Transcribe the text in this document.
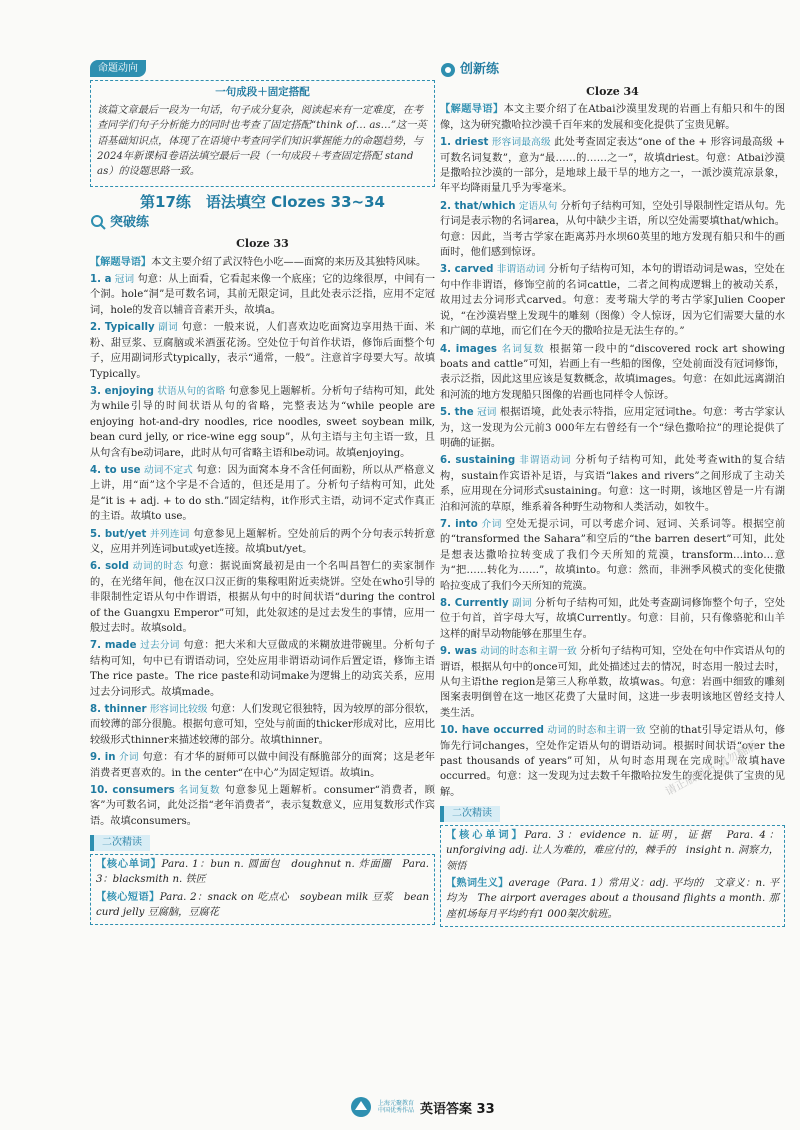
命题动向
一句成段＋固定搭配

该篇文章最后一段为一句话，句子成分复杂，阅读起来有一定难度，在考查同学们句子分析能力的同时也考查了固定搭配“think of… as…”这一英语基础知识点，体现了在语境中考查同学们知识掌握能力的命题趋势，与2024年新课标Ⅰ卷语法填空最后一段（一句成段＋考查固定搭配 stand as）的设题思路一致。

第17练　语法填空 Clozes 33~34
突破练
Cloze 33

【解题导语】本文主要介绍了武汉特色小吃——面窝的来历及其独特风味。

1. a 冠词 句意：从上面看，它看起来像一个底座；它的边缘很厚，中间有一个洞。hole“洞”是可数名词，其前无限定词，且此处表示泛指，应用不定冠词，hole的发音以辅音音素开头，故填a。

2. Typically 副词 句意：一般来说，人们喜欢边吃面窝边享用热干面、米粉、甜豆浆、豆腐脑或米酒蛋花汤。空处位于句首作状语，修饰后面整个句子，应用副词形式typically，表示“通常，一般”。注意首字母要大写。故填Typically。

3. enjoying 状语从句的省略 句意参见上题解析。分析句子结构可知，此处为while引导的时间状语从句的省略，完整表达为“while people are enjoying hot-and-dry noodles, rice noodles, sweet soybean milk, bean curd jelly, or rice-wine egg soup”，从句主语与主句主语一致，且从句含有be动词are，此时从句可省略主语和be动词。故填enjoying。

4. to use 动词不定式 句意：因为面窝本身不含任何面粉，所以从严格意义上讲，用“面”这个字是不合适的，但还是用了。分析句子结构可知，此处是“it is + adj. + to do sth.”固定结构，it作形式主语，动词不定式作真正的主语。故填to use。

5. but/yet 并列连词 句意参见上题解析。空处前后的两个分句表示转折意义，应用并列连词but或yet连接。故填but/yet。

6. sold 动词的时态 句意：据说面窝最初是由一个名叫昌智仁的卖家制作的，在光绪年间，他在汉口汉正街的集稼咀附近卖烧饼。空处在who引导的非限制性定语从句中作谓语，根据从句中的时间状语“during the control of the Guangxu Emperor”可知，此处叙述的是过去发生的事情，应用一般过去时。故填sold。

7. made 过去分词 句意：把大米和大豆做成的米糊放进带碗里。分析句子结构可知，句中已有谓语动词，空处应用非谓语动词作后置定语，修饰主语The rice paste。The rice paste和动词make为逻辑上的动宾关系，应用过去分词形式。故填made。

8. thinner 形容词比较级 句意：人们发现它很独特，因为较厚的部分很软，而较薄的部分很脆。根据句意可知，空处与前面的thicker形成对比，应用比较级形式thinner来描述较薄的部分。故填thinner。

9. in 介词 句意：有才华的厨师可以做中间没有酥脆部分的面窝；这是老年消费者更喜欢的。in the center“在中心”为固定短语。故填in。

10. consumers 名词复数 句意参见上题解析。consumer“消费者，顾客”为可数名词，此处泛指“老年消费者”，表示复数意义，应用复数形式作宾语。故填consumers。

二次精读

【核心单词】Para. 1：bun n. 圆面包　doughnut n. 炸面圈　Para. 3：blacksmith n. 铁匠

【核心短语】Para. 2：snack on 吃点心　soybean milk 豆浆　bean curd jelly 豆腐脑，豆腐花

创新练
Cloze 34

【解题导语】本文主要介绍了在Atbai沙漠里发现的岩画上有船只和牛的图像，这为研究撒哈拉沙漠千百年来的发展和变化提供了宝贵见解。

1. driest 形容词最高级 此处考查固定表达“one of the + 形容词最高级 + 可数名词复数”，意为“最……的……之一”，故填driest。句意：Atbai沙漠是撒哈拉沙漠的一部分，是地球上最干旱的地方之一，一派沙漠荒凉景象，年平均降雨量几乎为零毫米。

2. that/which 定语从句 分析句子结构可知，空处引导限制性定语从句。先行词是表示物的名词area，从句中缺少主语，所以空处需要填that/which。句意：因此，当考古学家在距离苏丹水坝60英里的地方发现有船只和牛的画面时，他们感到惊讶。

3. carved 非谓语动词 分析句子结构可知，本句的谓语动词是was，空处在句中作非谓语，修饰空前的名词cattle，二者之间构成逻辑上的被动关系，故用过去分词形式carved。句意：麦考瑞大学的考古学家Julien Cooper说，“在沙漠岩壁上发现牛的雕刻（图像）令人惊讶，因为它们需要大量的水和广阔的草地，而它们在今天的撒哈拉是无法生存的。”

4. images 名词复数 根据第一段中的“discovered rock art showing boats and cattle”可知，岩画上有一些船的图像，空处前面没有冠词修饰，表示泛指，因此这里应该是复数概念，故填images。句意：在如此远离湖泊和河流的地方发现船只图像的岩画也同样令人惊讶。

5. the 冠词 根据语境，此处表示特指，应用定冠词the。句意：考古学家认为，这一发现为公元前3 000年左右曾经有一个“绿色撒哈拉”的理论提供了明确的证据。

6. sustaining 非谓语动词 分析句子结构可知，此处考查with的复合结构，sustain作宾语补足语，与宾语“lakes and rivers”之间形成了主动关系，应用现在分词形式sustaining。句意：这一时期，该地区曾是一片有湖泊和河流的草原，维系着各种野生动物和人类活动，如牧牛。

7. into 介词 空处无提示词，可以考虑介词、冠词、关系词等。根据空前的“transformed the Sahara”和空后的“the barren desert”可知，此处是想表达撒哈拉转变成了我们今天所知的荒漠，transform…into…意为“把……转化为……”，故填into。句意：然而，非洲季风模式的变化使撒哈拉变成了我们今天所知的荒漠。

8. Currently 副词 分析句子结构可知，此处考查副词修饰整个句子，空处位于句首，首字母大写，故填Currently。句意：目前，只有像骆驼和山羊这样的耐旱动物能够在那里生存。

9. was 动词的时态和主谓一致 分析句子结构可知，空处在句中作宾语从句的谓语，根据从句中的once可知，此处描述过去的情况，时态用一般过去时，从句主语the region是第三人称单数，故填was。句意：岩画中细致的雕刻图案表明倒曾在这一地区花费了大量时间，这进一步表明该地区曾经支持人类生活。

10. have occurred 动词的时态和主谓一致 空前的that引导定语从句，修饰先行词changes，空处作定语从句的谓语动词。根据时间状语“over the past thousands of years”可知，从句时态用现在完成时。故填have occurred。句意：这一发现为过去数千年撒哈拉发生的变化提供了宝贵的见解。

二次精读

【核心单词】Para. 3：evidence n. 证明，证据　Para. 4：unforgiving adj. 让人为难的，难应付的，棘手的　insight n. 洞察力，领悟

【熟词生义】average（Para. 1）常用义：adj. 平均的　文章义：n. 平均为　The airport averages about a thousand flights a month. 那座机场每月平均约有1 000架次航班。

请正版图书 请勿翻版
上海元聚教育
中国优秀作品 英语答案 33
